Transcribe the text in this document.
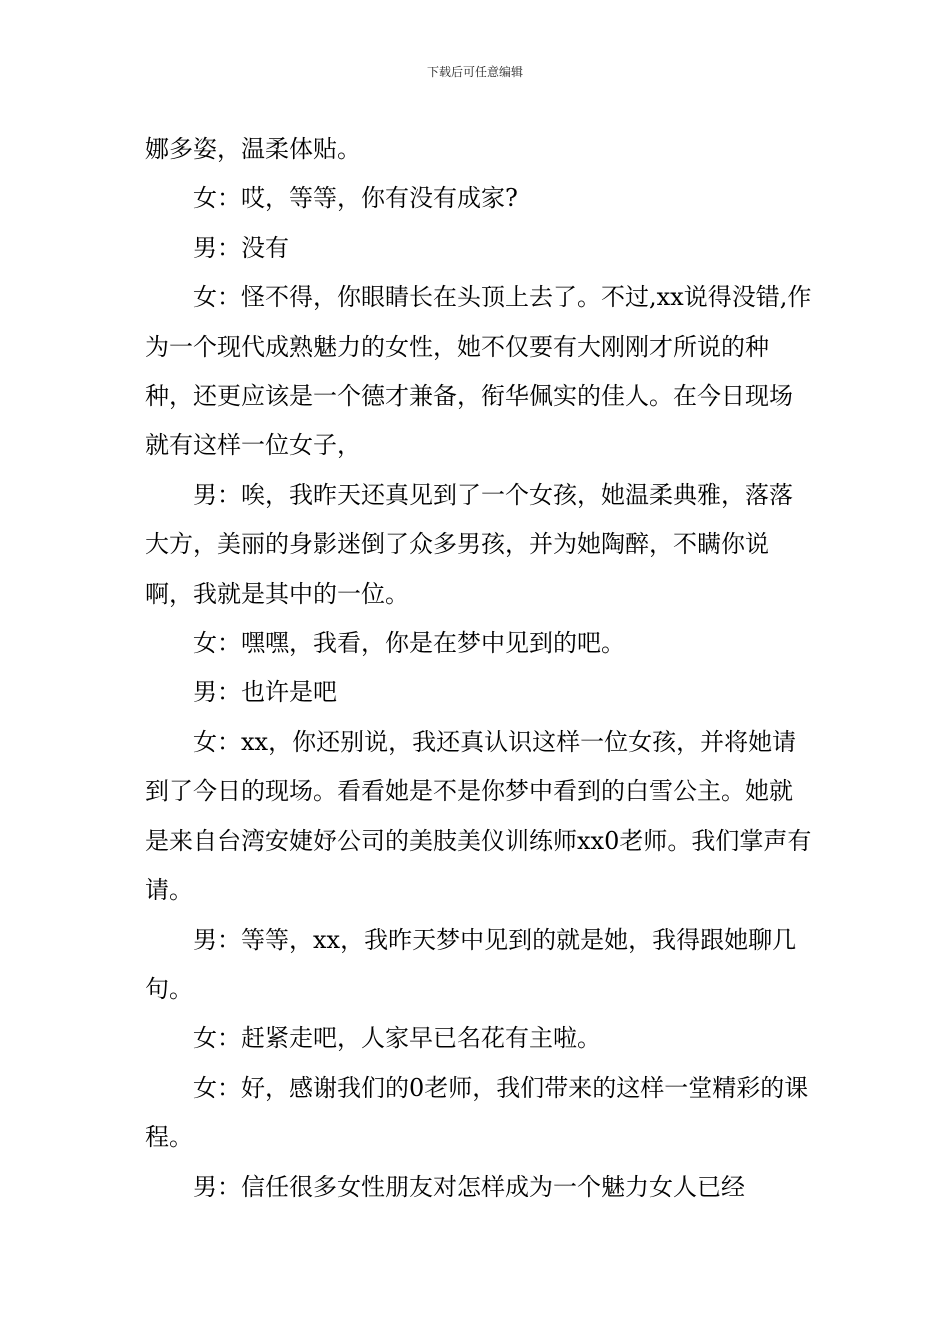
下载后可任意编辑

娜多姿，温柔体贴。

女：哎，等等，你有没有成家?

男：没有

女：怪不得，你眼睛长在头顶上去了。不过,xx说得没错,作为一个现代成熟魅力的女性，她不仅要有大刚刚才所说的种种，还更应该是一个德才兼备，衔华佩实的佳人。在今日现场就有这样一位女子，

男：唉，我昨天还真见到了一个女孩，她温柔典雅，落落大方，美丽的身影迷倒了众多男孩，并为她陶醉，不瞒你说啊，我就是其中的一位。

女：嘿嘿，我看，你是在梦中见到的吧。

男：也许是吧

女：xx，你还别说，我还真认识这样一位女孩，并将她请到了今日的现场。看看她是不是你梦中看到的白雪公主。她就是来自台湾安婕妤公司的美肢美仪训练师xx0老师。我们掌声有请。

男：等等，xx，我昨天梦中见到的就是她，我得跟她聊几句。

女：赶紧走吧，人家早已名花有主啦。

女：好，感谢我们的0老师，我们带来的这样一堂精彩的课程。

男：信任很多女性朋友对怎样成为一个魅力女人已经
